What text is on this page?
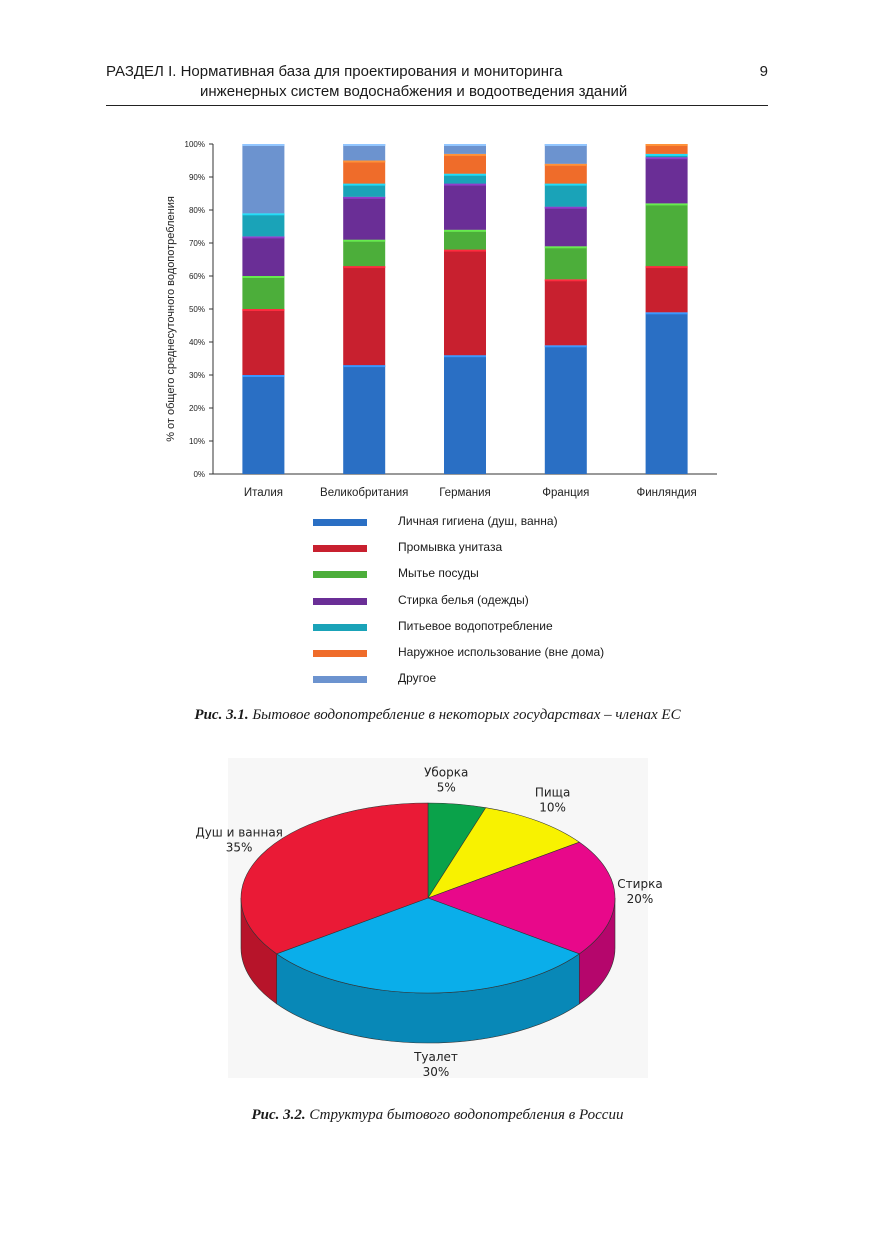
РАЗДЕЛ I. Нормативная база для проектирования и мониторинга
инженерных систем водоснабжения и водоотведения зданий
9
0%
10%
20%
30%
40%
50%
60%
70%
80%
90%
100%
% от общего среднесуточного водопотребления
Италия	Великобритания	Германия	Франция	Финляндия
Личная гигиена (душ, ванна)
Промывка унитаза
Мытье посуды
Стирка белья (одежды)
Питьевое водопотребление
Наружное использование (вне дома)
Другое
Рис. 3.1. Бытовое водопотребление в некоторых государствах – членах ЕС
Уборка
5%	Пища
10%
Стирка
20%
Туалет
30%
Душ и ванная
35%
Рис. 3.2. Структура бытового водопотребления в России
